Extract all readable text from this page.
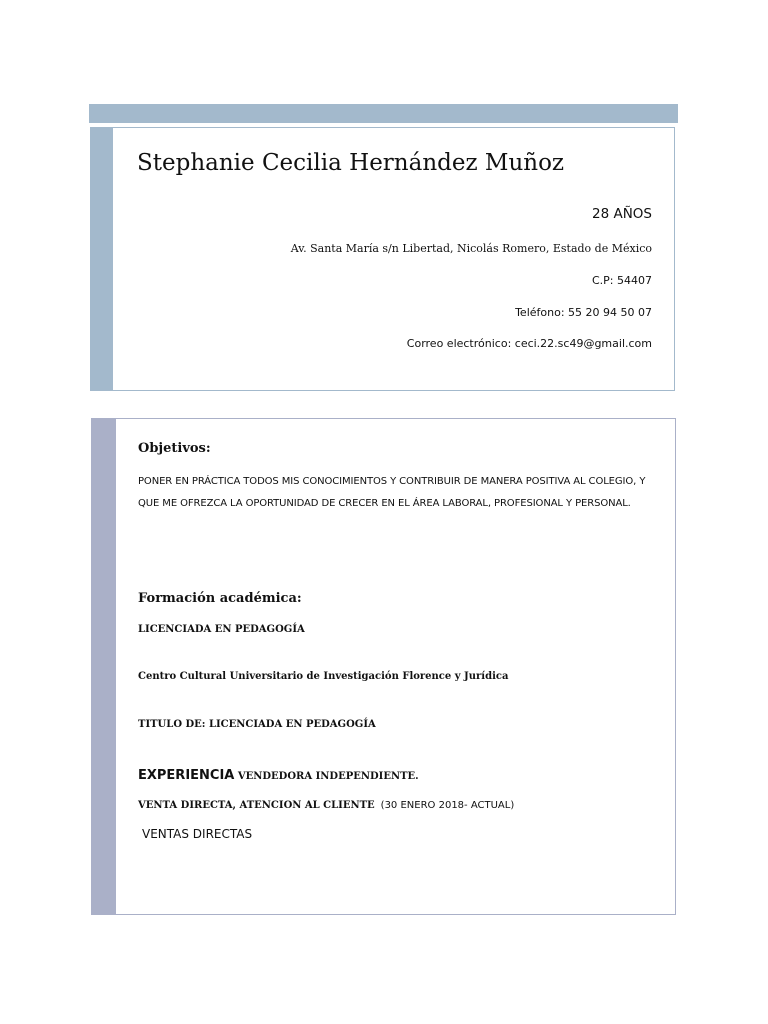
Stephanie Cecilia Hernández Muñoz
28 AÑOS
Av. Santa María s/n Libertad, Nicolás Romero, Estado de México
C.P: 54407
Teléfono: 55 20 94 50 07
Correo electrónico: ceci.22.sc49@gmail.com
Objetivos:

PONER EN PRÁCTICA TODOS MIS CONOCIMIENTOS Y CONTRIBUIR DE MANERA POSITIVA AL COLEGIO, Y QUE ME OFREZCA LA OPORTUNIDAD DE CRECER EN EL ÁREA LABORAL, PROFESIONAL Y PERSONAL.

Formación académica:
LICENCIADA EN PEDAGOGÍA
Centro Cultural Universitario de Investigación Florence y Jurídica
TITULO DE: LICENCIADA EN PEDAGOGÍA
EXPERIENCIA VENDEDORA INDEPENDIENTE.
VENTA DIRECTA, ATENCION AL CLIENTE (30 ENERO 2018- ACTUAL)
VENTAS DIRECTAS
